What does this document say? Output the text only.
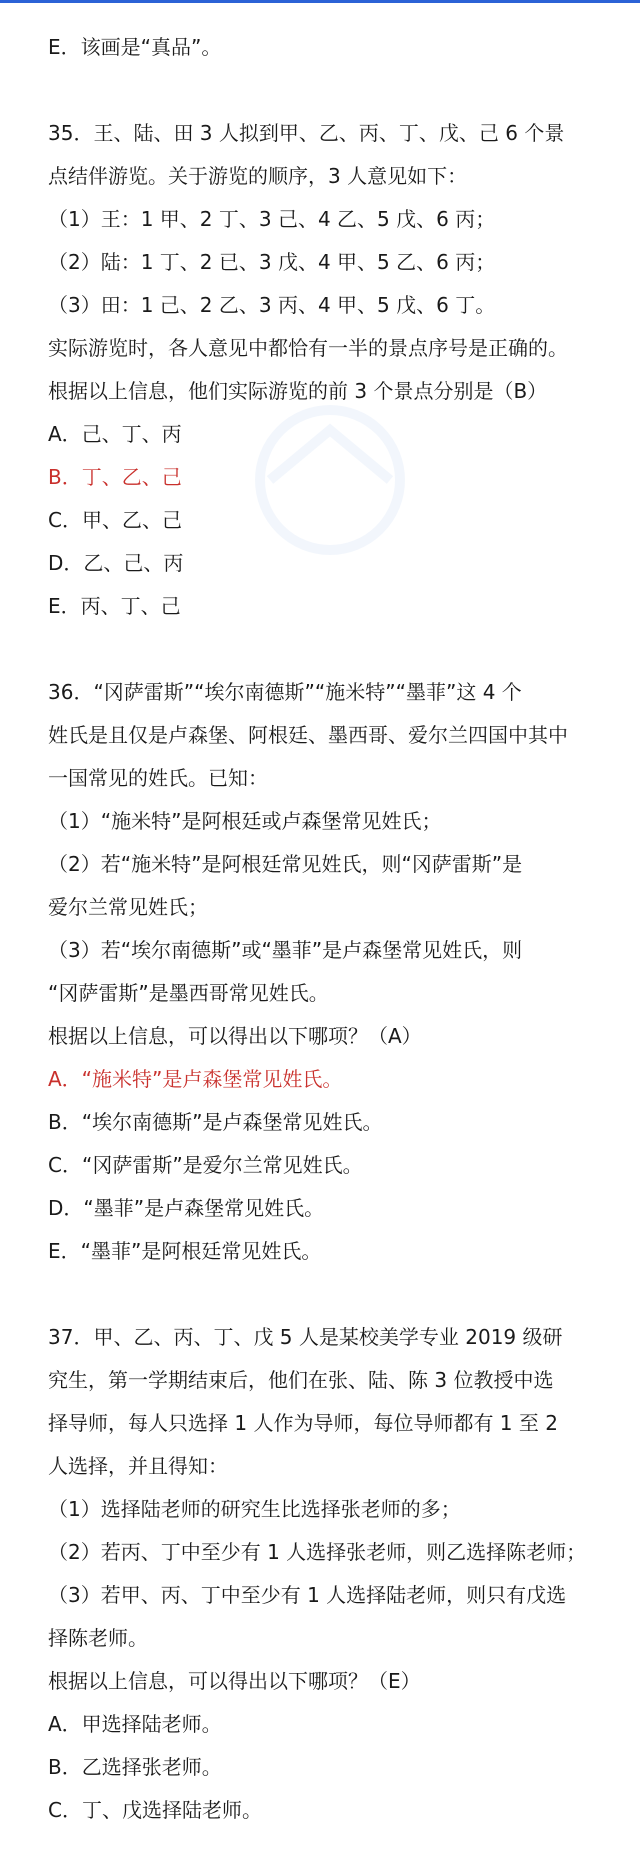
E．该画是“真品”。
35．王、陆、田 3 人拟到甲、乙、丙、丁、戊、己 6 个景
点结伴游览。关于游览的顺序，3 人意见如下：
（1）王：1 甲、2 丁、3 己、4 乙、5 戊、6 丙；
（2）陆：1 丁、2 已、3 戊、4 甲、5 乙、6 丙；
（3）田：1 己、2 乙、3 丙、4 甲、5 戊、6 丁。
实际游览时，各人意见中都恰有一半的景点序号是正确的。
根据以上信息，他们实际游览的前 3 个景点分别是（B）
A．己、丁、丙
B．丁、乙、己
C．甲、乙、己
D．乙、己、丙
E．丙、丁、己
36．“冈萨雷斯”“埃尔南德斯”“施米特”“墨菲”这 4 个
姓氏是且仅是卢森堡、阿根廷、墨西哥、爱尔兰四国中其中
一国常见的姓氏。已知：
（1）“施米特”是阿根廷或卢森堡常见姓氏；
（2）若“施米特”是阿根廷常见姓氏，则“冈萨雷斯”是
爱尔兰常见姓氏；
（3）若“埃尔南德斯”或“墨菲”是卢森堡常见姓氏，则
“冈萨雷斯”是墨西哥常见姓氏。
根据以上信息，可以得出以下哪项？（A）
A．“施米特”是卢森堡常见姓氏。
B．“埃尔南德斯”是卢森堡常见姓氏。
C．“冈萨雷斯”是爱尔兰常见姓氏。
D．“墨菲”是卢森堡常见姓氏。
E．“墨菲”是阿根廷常见姓氏。
37．甲、乙、丙、丁、戊 5 人是某校美学专业 2019 级研
究生，第一学期结束后，他们在张、陆、陈 3 位教授中选
择导师，每人只选择 1 人作为导师，每位导师都有 1 至 2
人选择，并且得知：
（1）选择陆老师的研究生比选择张老师的多；
（2）若丙、丁中至少有 1 人选择张老师，则乙选择陈老师；
（3）若甲、丙、丁中至少有 1 人选择陆老师，则只有戊选
择陈老师。
根据以上信息，可以得出以下哪项？（E）
A．甲选择陆老师。
B．乙选择张老师。
C．丁、戊选择陆老师。
